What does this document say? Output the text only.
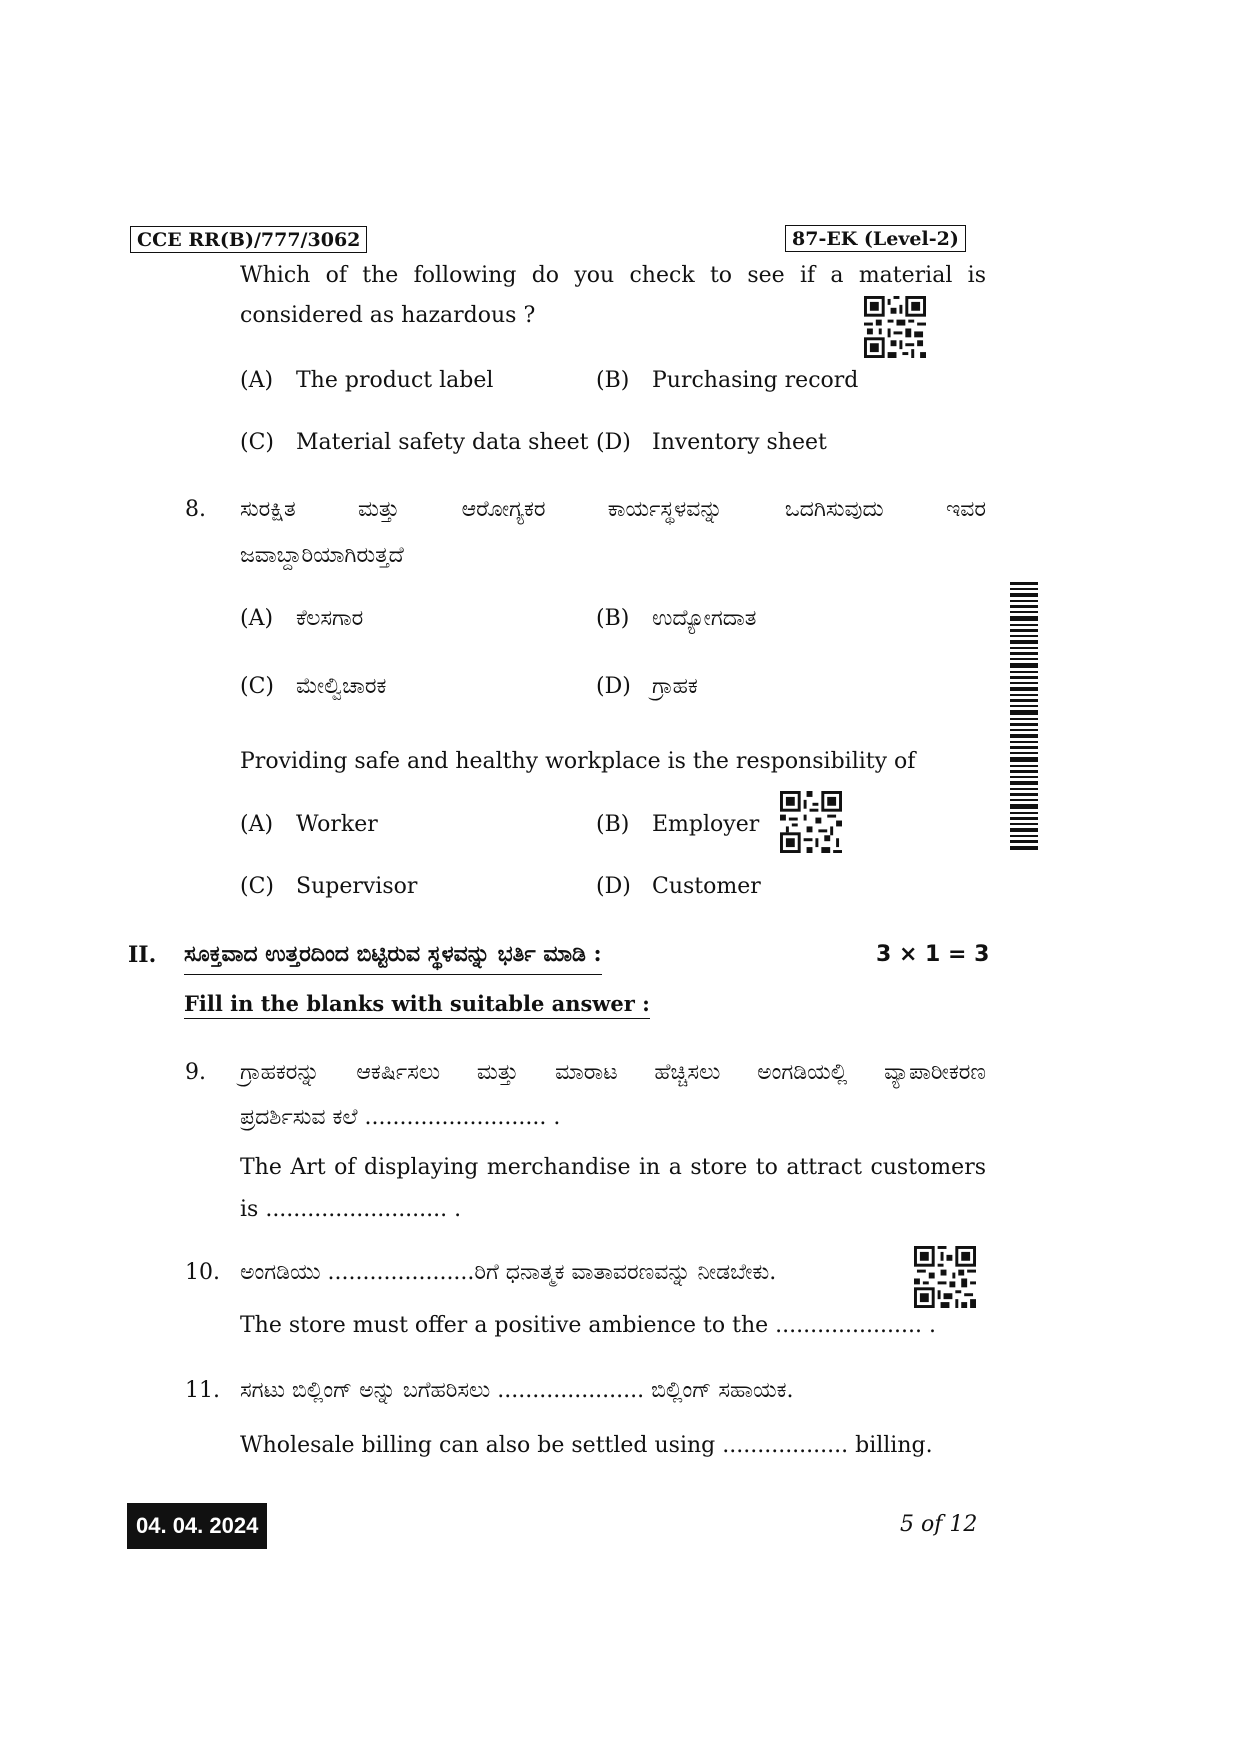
CCE RR(B)/777/3062	87-EK (Level-2)
Which of the following do you check to see if a material is
considered as hazardous ?
(A) The product label	(B) Purchasing record
(C) Material safety data sheet (D) Inventory sheet
8. ಸುರಕ್ಷಿತ ಮತ್ತು ಆರೋಗ್ಯಕರ ಕಾರ್ಯಸ್ಥಳವನ್ನು ಒದಗಿಸುವುದು ಇವರ
ಜವಾಬ್ದಾರಿಯಾಗಿರುತ್ತದೆ
(A) ಕೆಲಸಗಾರ	(B) ಉದ್ಯೋಗದಾತ
(C) ಮೇಲ್ವಿಚಾರಕ	(D) ಗ್ರಾಹಕ
Providing safe and healthy workplace is the responsibility of
(A) Worker	(B) Employer
(C) Supervisor	(D) Customer
II. ಸೂಕ್ತವಾದ ಉತ್ತರದಿಂದ ಬಿಟ್ಟಿರುವ ಸ್ಥಳವನ್ನು ಭರ್ತಿ ಮಾಡಿ :	3 × 1 = 3
Fill in the blanks with suitable answer :
9. ಗ್ರಾಹಕರನ್ನು ಆಕರ್ಷಿಸಲು ಮತ್ತು ಮಾರಾಟ ಹೆಚ್ಚಿಸಲು ಅಂಗಡಿಯಲ್ಲಿ ವ್ಯಾಪಾರೀಕರಣ
ಪ್ರದರ್ಶಿಸುವ ಕಲೆ .......................... .
The Art of displaying merchandise in a store to attract customers
is .......................... .
10. ಅಂಗಡಿಯು .....................ರಿಗೆ ಧನಾತ್ಮಕ ವಾತಾವರಣವನ್ನು ನೀಡಬೇಕು.
The store must offer a positive ambience to the ..................... .
11. ಸಗಟು ಬಿಲ್ಲಿಂಗ್ ಅನ್ನು ಬಗೆಹರಿಸಲು ..................... ಬಿಲ್ಲಿಂಗ್ ಸಹಾಯಕ.
Wholesale billing can also be settled using .................. billing.
04. 04. 2024	5 of 12
